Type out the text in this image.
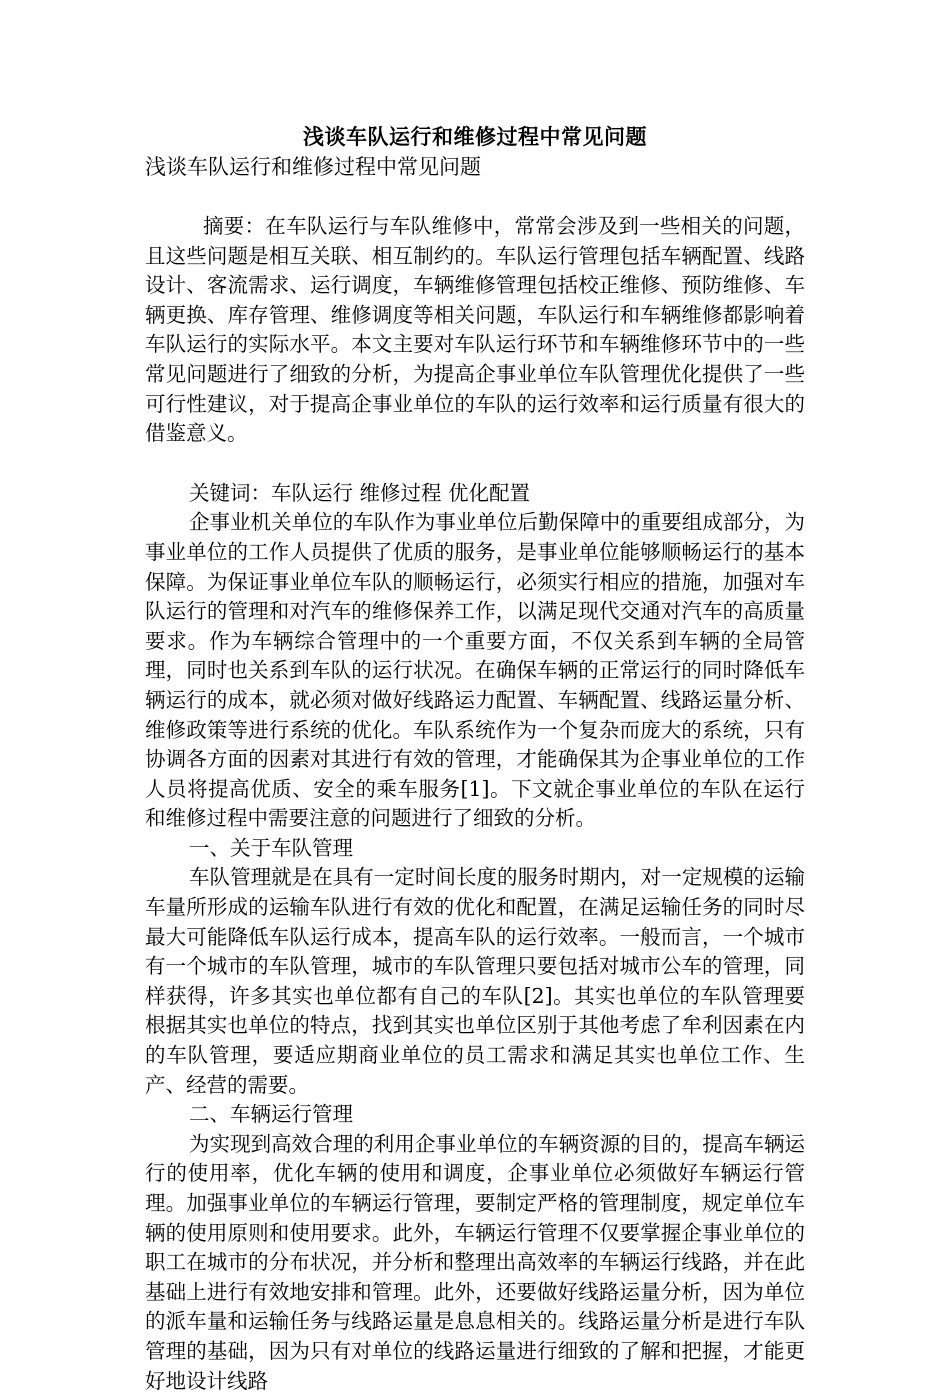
浅谈车队运行和维修过程中常见问题

浅谈车队运行和维修过程中常见问题

摘要：在车队运行与车队维修中，常常会涉及到一些相关的问题，且这些问题是相互关联、相互制约的。车队运行管理包括车辆配置、线路设计、客流需求、运行调度，车辆维修管理包括校正维修、预防维修、车辆更换、库存管理、维修调度等相关问题，车队运行和车辆维修都影响着车队运行的实际水平。本文主要对车队运行环节和车辆维修环节中的一些常见问题进行了细致的分析，为提高企事业单位车队管理优化提供了一些可行性建议，对于提高企事业单位的车队的运行效率和运行质量有很大的借鉴意义。

关键词：车队运行 维修过程 优化配置

企事业机关单位的车队作为事业单位后勤保障中的重要组成部分，为事业单位的工作人员提供了优质的服务，是事业单位能够顺畅运行的基本保障。为保证事业单位车队的顺畅运行，必须实行相应的措施，加强对车队运行的管理和对汽车的维修保养工作，以满足现代交通对汽车的高质量要求。作为车辆综合管理中的一个重要方面，不仅关系到车辆的全局管理，同时也关系到车队的运行状况。在确保车辆的正常运行的同时降低车辆运行的成本，就必须对做好线路运力配置、车辆配置、线路运量分析、维修政策等进行系统的优化。车队系统作为一个复杂而庞大的系统，只有协调各方面的因素对其进行有效的管理，才能确保其为企事业单位的工作人员将提高优质、安全的乘车服务[1]。下文就企事业单位的车队在运行和维修过程中需要注意的问题进行了细致的分析。

一、关于车队管理

车队管理就是在具有一定时间长度的服务时期内，对一定规模的运输车量所形成的运输车队进行有效的优化和配置，在满足运输任务的同时尽最大可能降低车队运行成本，提高车队的运行效率。一般而言，一个城市有一个城市的车队管理，城市的车队管理只要包括对城市公车的管理，同样获得，许多其实也单位都有自己的车队[2]。其实也单位的车队管理要根据其实也单位的特点，找到其实也单位区别于其他考虑了牟利因素在内的车队管理，要适应期商业单位的员工需求和满足其实也单位工作、生产、经营的需要。

二、车辆运行管理

为实现到高效合理的利用企事业单位的车辆资源的目的，提高车辆运行的使用率，优化车辆的使用和调度，企事业单位必须做好车辆运行管理。加强事业单位的车辆运行管理，要制定严格的管理制度，规定单位车辆的使用原则和使用要求。此外，车辆运行管理不仅要掌握企事业单位的职工在城市的分布状况，并分析和整理出高效率的车辆运行线路，并在此基础上进行有效地安排和管理。此外，还要做好线路运量分析，因为单位的派车量和运输任务与线路运量是息息相关的。线路运量分析是进行车队管理的基础，因为只有对单位的线路运量进行细致的了解和把握，才能更好地设计线路
